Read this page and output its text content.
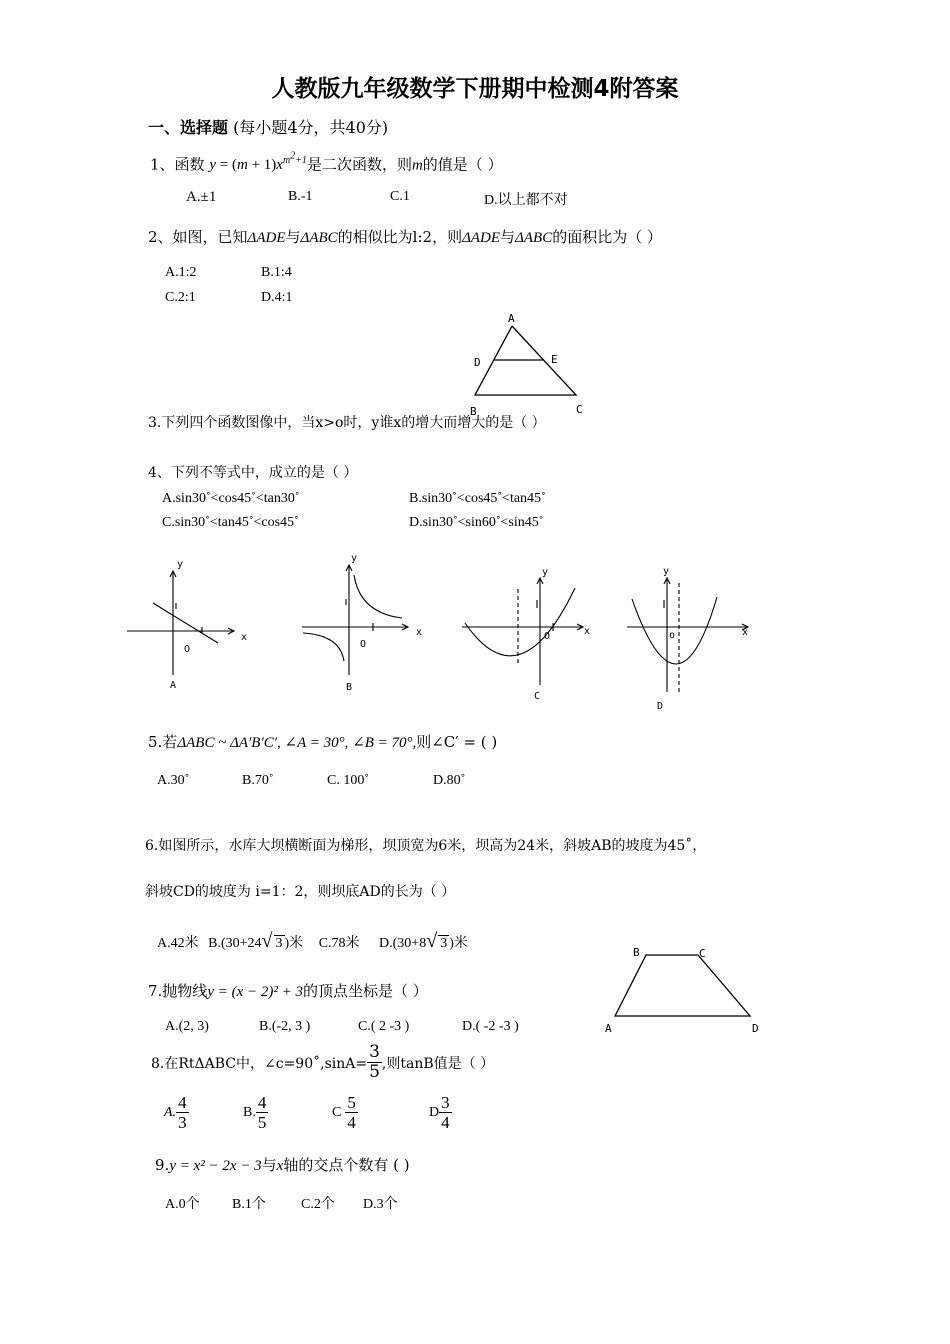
人教版九年级数学下册期中检测4附答案
一、选择题 (每小题4分，共40分)
1、函数 $y = (m + 1)x^{m^2+1}$是二次函数，则m的值是（ ）
A.±1	B.-1	C.1	D.以上都不对
2、如图，已知ΔADE与ΔABC的相似比为l:2，则ΔADE与ΔABC的面积比为（ ）
A.1:2	B.1:4
C.2:1	D.4:1
A
D	E
B	C
3.下列四个函数图像中，当x>o时，y谁x的增大而增大的是（ ）
4、下列不等式中，成立的是（ ）
A.sin30˚<cos45˚<tan30˚	B.sin30˚<cos45˚<tan45˚
C.sin30˚<tan45˚<cos45˚	D.sin30˚<sin60˚<sin45˚
y
x
O
A
y
x
O
B
y
x
O
C
y
x
o
D
5.若ΔABC ~ ΔA′B′C′, ∠A = 30°, ∠B = 70°,则∠C′ = ( )
A.30˚	B.70˚	C. 100˚	D.80˚
6.如图所示，水库大坝横断面为梯形，坝顶宽为6米，坝高为24米，斜坡AB的坡度为45˚，
斜坡CD的坡度为 i=1：2，则坝底AD的长为（ ）
A.42米 B.(30+24√ 3 )米 C.78米 D.(30+8√ 3 )米
B	C
A	D
7.抛物线y = (x − 2)² + 3的顶点坐标是（ ）
A.(2, 3)	B.(-2, 3 )	C.( 2 -3 )	D.( -2 -3 )
8.在RtΔABC中，∠c=90˚,sinA= $\frac{3}{5}$ ,则tanB值是（ ）
A. $\frac{4}{3}$	B. $\frac{4}{5}$	C $\frac{5}{4}$	D $\frac{3}{4}$
9.y = x² − 2x − 3与x轴的交点个数有 ( )
A.0个 B.1个	C.2个 D.3个
